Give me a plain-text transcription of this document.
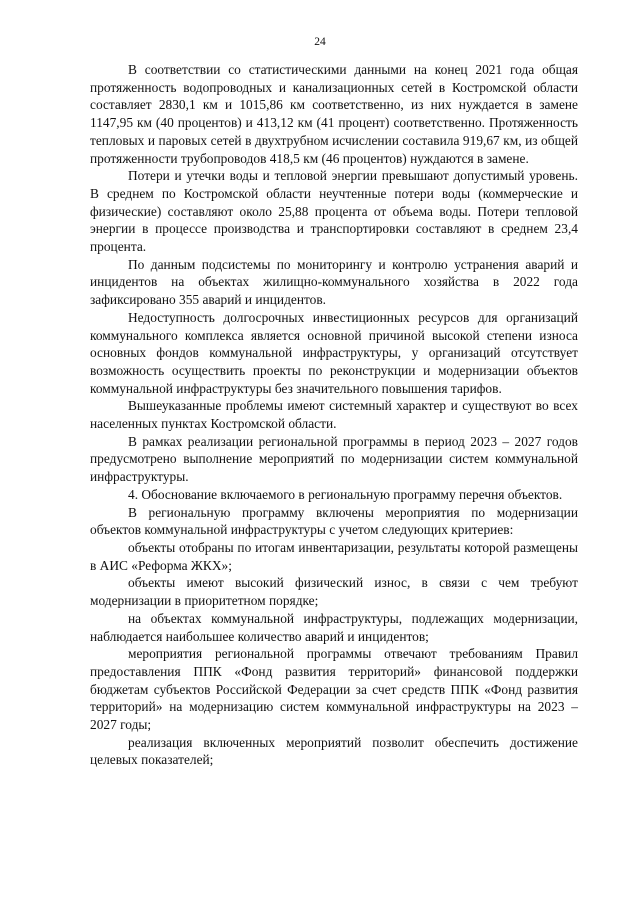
24

В соответствии со статистическими данными на конец 2021 года общая протяженность водопроводных и канализационных сетей в Костромской области составляет 2830,1 км и 1015,86 км соответственно, из них нуждается в замене 1147,95 км (40 процентов) и 413,12 км (41 процент) соответственно. Протяженность тепловых и паровых сетей в двухтрубном исчислении составила 919,67 км, из общей протяженности трубопроводов 418,5 км (46 процентов) нуждаются в замене.

Потери и утечки воды и тепловой энергии превышают допустимый уровень. В среднем по Костромской области неучтенные потери воды (коммерческие и физические) составляют около 25,88 процента от объема воды. Потери тепловой энергии в процессе производства и транспортировки составляют в среднем 23,4 процента.

По данным подсистемы по мониторингу и контролю устранения аварий и инцидентов на объектах жилищно-коммунального хозяйства в 2022 года зафиксировано 355 аварий и инцидентов.

Недоступность долгосрочных инвестиционных ресурсов для организаций коммунального комплекса является основной причиной высокой степени износа основных фондов коммунальной инфраструктуры, у организаций отсутствует возможность осуществить проекты по реконструкции и модернизации объектов коммунальной инфраструктуры без значительного повышения тарифов.

Вышеуказанные проблемы имеют системный характер и существуют во всех населенных пунктах Костромской области.

В рамках реализации региональной программы в период 2023 – 2027 годов предусмотрено выполнение мероприятий по модернизации систем коммунальной инфраструктуры.

4. Обоснование включаемого в региональную программу перечня объектов.

В региональную программу включены мероприятия по модернизации объектов коммунальной инфраструктуры с учетом следующих критериев:

объекты отобраны по итогам инвентаризации, результаты которой размещены в АИС «Реформа ЖКХ»;

объекты имеют высокий физический износ, в связи с чем требуют модернизации в приоритетном порядке;

на объектах коммунальной инфраструктуры, подлежащих модернизации, наблюдается наибольшее количество аварий и инцидентов;

мероприятия региональной программы отвечают требованиям Правил предоставления ППК «Фонд развития территорий» финансовой поддержки бюджетам субъектов Российской Федерации за счет средств ППК «Фонд развития территорий» на модернизацию систем коммунальной инфраструктуры на 2023 – 2027 годы;

реализация включенных мероприятий позволит обеспечить достижение целевых показателей;
